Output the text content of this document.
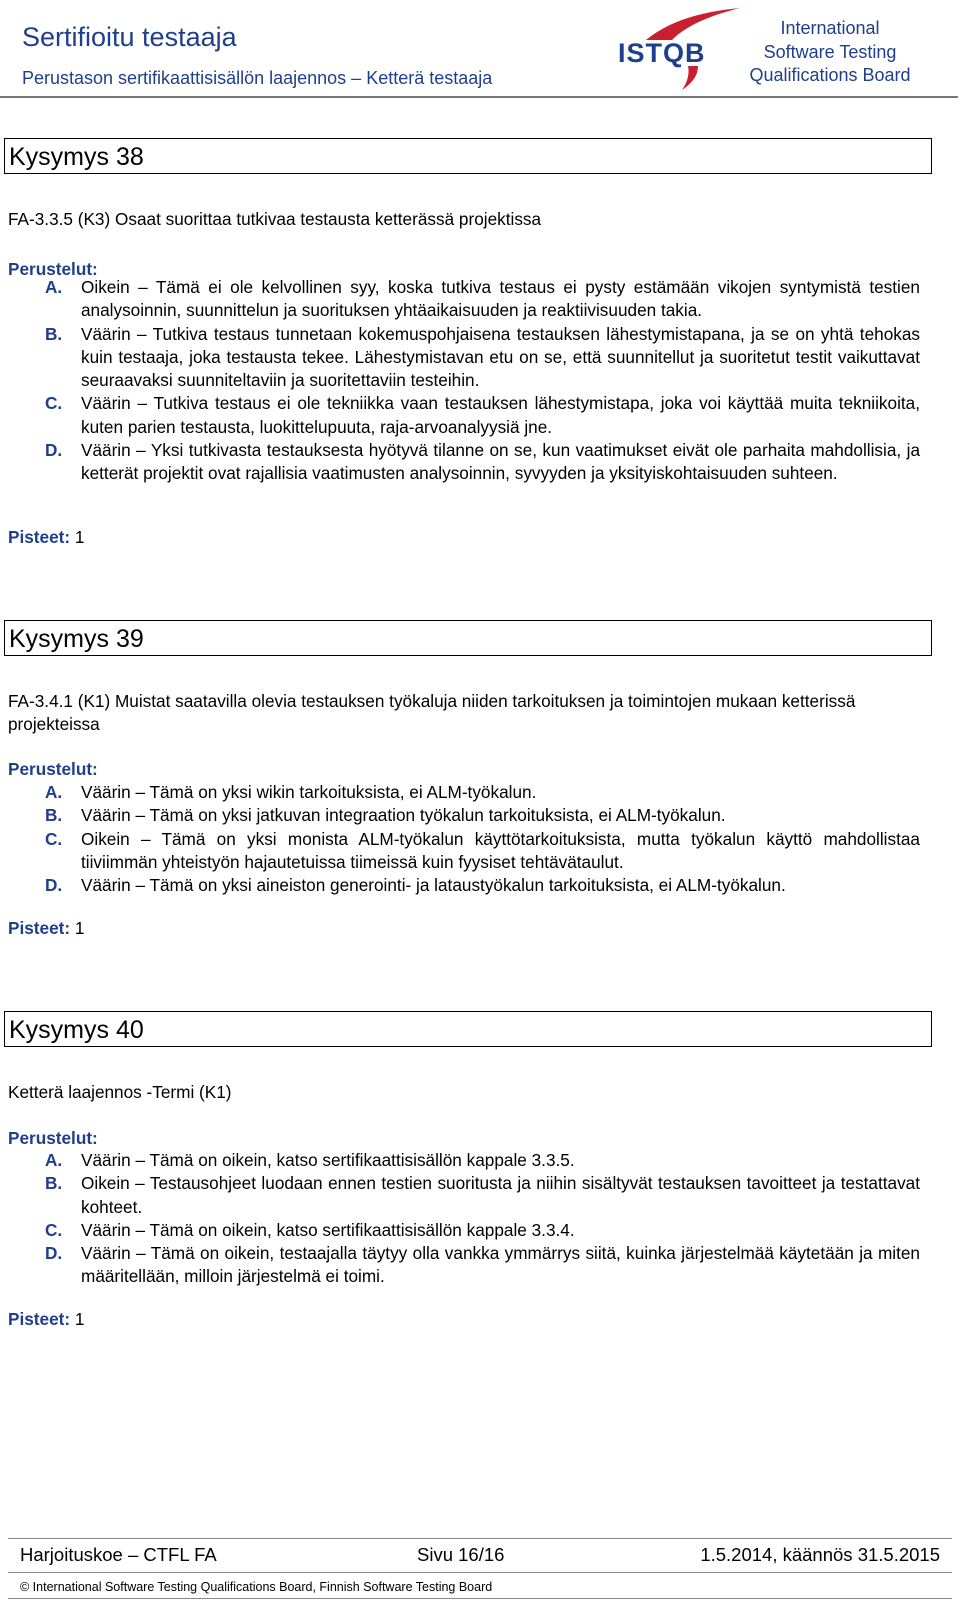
Sertifioitu testaaja
Perustason sertifikaattisisällön laajennos – Ketterä testaaja
ISTQB
International
Software Testing
Qualifications Board
Kysymys 38
FA-3.3.5 (K3) Osaat suorittaa tutkivaa testausta ketterässä projektissa
Perustelut:
A.	Oikein – Tämä ei ole kelvollinen syy, koska tutkiva testaus ei pysty estämään vikojen syntymistä testien analysoinnin, suunnittelun ja suorituksen yhtäaikaisuuden ja reaktiivisuuden takia.
B.	Väärin – Tutkiva testaus tunnetaan kokemuspohjaisena testauksen lähestymistapana, ja se on yhtä tehokas kuin testaaja, joka testausta tekee. Lähestymistavan etu on se, että suunnitellut ja suoritetut testit vaikuttavat seuraavaksi suunniteltaviin ja suoritettaviin testeihin.
C.	Väärin – Tutkiva testaus ei ole tekniikka vaan testauksen lähestymistapa, joka voi käyttää muita tekniikoita, kuten parien testausta, luokittelupuuta, raja-arvoanalyysiä jne.
D.	Väärin – Yksi tutkivasta testauksesta hyötyvä tilanne on se, kun vaatimukset eivät ole parhaita mahdollisia, ja ketterät projektit ovat rajallisia vaatimusten analysoinnin, syvyyden ja yksityiskohtaisuuden suhteen.
Pisteet: 1
Kysymys 39
FA-3.4.1 (K1) Muistat saatavilla olevia testauksen työkaluja niiden tarkoituksen ja toimintojen mukaan ketterissä projekteissa
Perustelut:
A.	Väärin – Tämä on yksi wikin tarkoituksista, ei ALM-työkalun.
B.	Väärin – Tämä on yksi jatkuvan integraation työkalun tarkoituksista, ei ALM-työkalun.
C.	Oikein – Tämä on yksi monista ALM-työkalun käyttötarkoituksista, mutta työkalun käyttö mahdollistaa tiiviimmän yhteistyön hajautetuissa tiimeissä kuin fyysiset tehtävätaulut.
D.	Väärin – Tämä on yksi aineiston generointi- ja lataustyökalun tarkoituksista, ei ALM-työkalun.
Pisteet: 1
Kysymys 40
Ketterä laajennos -Termi (K1)
Perustelut:
A.	Väärin – Tämä on oikein, katso sertifikaattisisällön kappale 3.3.5.
B.	Oikein – Testausohjeet luodaan ennen testien suoritusta ja niihin sisältyvät testauksen tavoitteet ja testattavat kohteet.
C.	Väärin – Tämä on oikein, katso sertifikaattisisällön kappale 3.3.4.
D.	Väärin – Tämä on oikein, testaajalla täytyy olla vankka ymmärrys siitä, kuinka järjestelmää käytetään ja miten määritellään, milloin järjestelmä ei toimi.
Pisteet: 1
Harjoituskoe – CTFL FA	Sivu 16/16	1.5.2014, käännös 31.5.2015
© International Software Testing Qualifications Board, Finnish Software Testing Board
